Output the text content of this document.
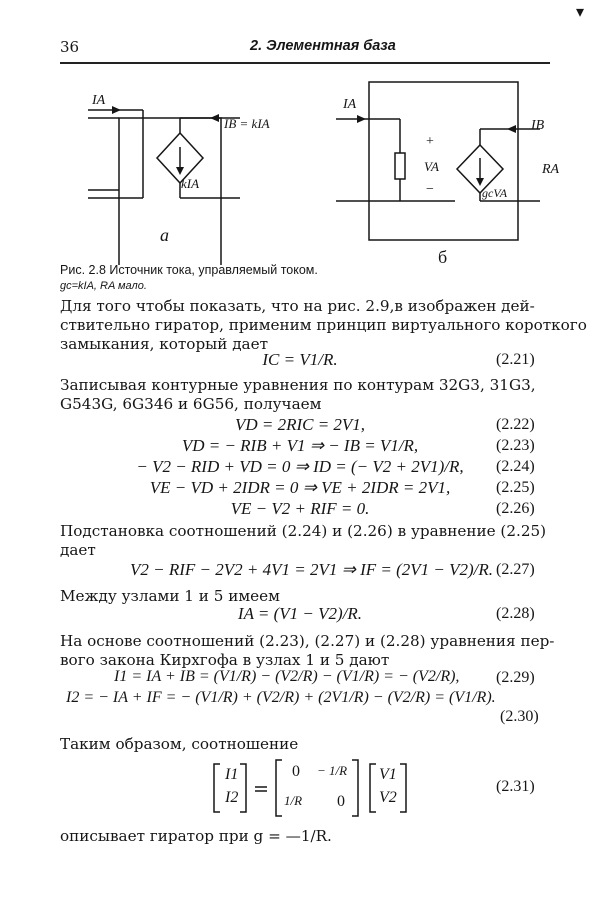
36	2. Элементная база
▾
IA
IB = kIA
kIA
a
IA
+
−
VA
IB
RA
gcVA
б
Рис. 2.8 Источник тока, управляемый током.
gc=kIA, RA мало.
Для того чтобы показать, что на рис. 2.9,в изображен дей-
ствительно гиратор, применим принцип виртуального короткого
замыкания, который дает
IC = V1/R.	(2.21)
Записывая контурные уравнения по контурам 32G3, 31G3,
G543G, 6G346 и 6G56, получаем
VD = 2RIC = 2V1,	(2.22)
VD = − RIB + V1 ⇒ − IB = V1/R,	(2.23)
− V2 − RID + VD = 0 ⇒ ID = (− V2 + 2V1)/R,	(2.24)
VE − VD + 2IDR = 0 ⇒ VE + 2IDR = 2V1,	(2.25)
VE − V2 + RIF = 0.	(2.26)
Подстановка соотношений (2.24) и (2.26) в уравнение (2.25)
дает
V2 − RIF − 2V2 + 4V1 = 2V1 ⇒ IF = (2V1 − V2)/R. (2.27)
Между узлами 1 и 5 имеем
IA = (V1 − V2)/R.	(2.28)
На основе соотношений (2.23), (2.27) и (2.28) уравнения пер-
вого закона Кирхгофа в узлах 1 и 5 дают
I1 = IA + IB = (V1/R) − (V2/R) − (V1/R) = − (V2/R), (2.29)
I2 = − IA + IF = − (V1/R) + (V2/R) + (2V1/R) − (V2/R) = (V1/R).
(2.30)
Таким образом, соотношение
I1
I2
0 − 1/R
1/R 0
V1
V2
(2.31)
описывает гиратор при g = —1/R.
